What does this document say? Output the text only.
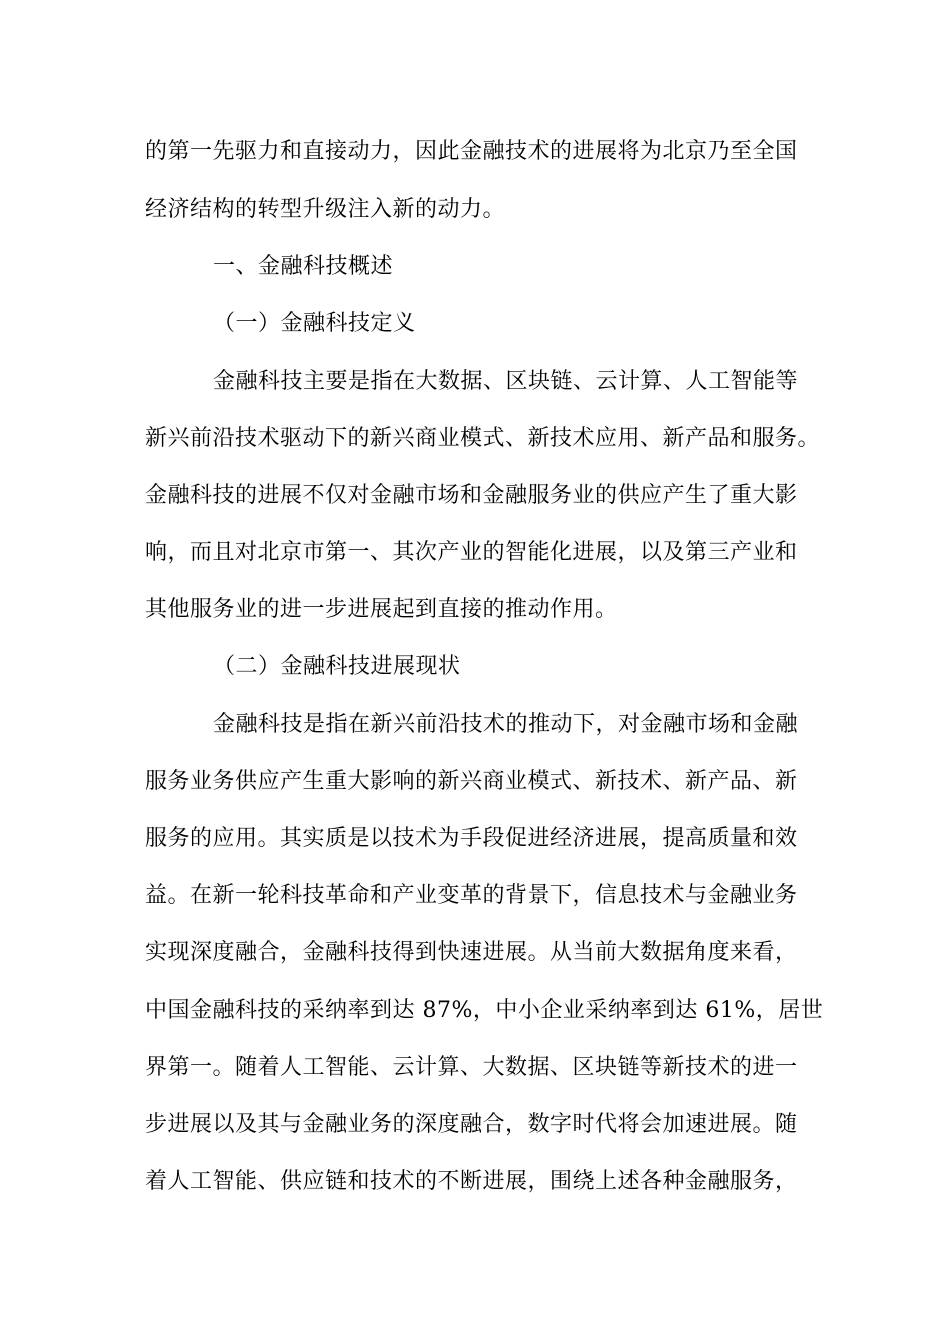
的第一先驱力和直接动力，因此金融技术的进展将为北京乃至全国
经济结构的转型升级注入新的动力。
一、金融科技概述
（一）金融科技定义
金融科技主要是指在大数据、区块链、云计算、人工智能等
新兴前沿技术驱动下的新兴商业模式、新技术应用、新产品和服务。
金融科技的进展不仅对金融市场和金融服务业的供应产生了重大影
响，而且对北京市第一、其次产业的智能化进展，以及第三产业和
其他服务业的进一步进展起到直接的推动作用。
（二）金融科技进展现状
金融科技是指在新兴前沿技术的推动下，对金融市场和金融
服务业务供应产生重大影响的新兴商业模式、新技术、新产品、新
服务的应用。其实质是以技术为手段促进经济进展，提高质量和效
益。在新一轮科技革命和产业变革的背景下，信息技术与金融业务
实现深度融合，金融科技得到快速进展。从当前大数据角度来看，
中国金融科技的采纳率到达 87%，中小企业采纳率到达 61%，居世
界第一。随着人工智能、云计算、大数据、区块链等新技术的进一
步进展以及其与金融业务的深度融合，数字时代将会加速进展。随
着人工智能、供应链和技术的不断进展，围绕上述各种金融服务，
